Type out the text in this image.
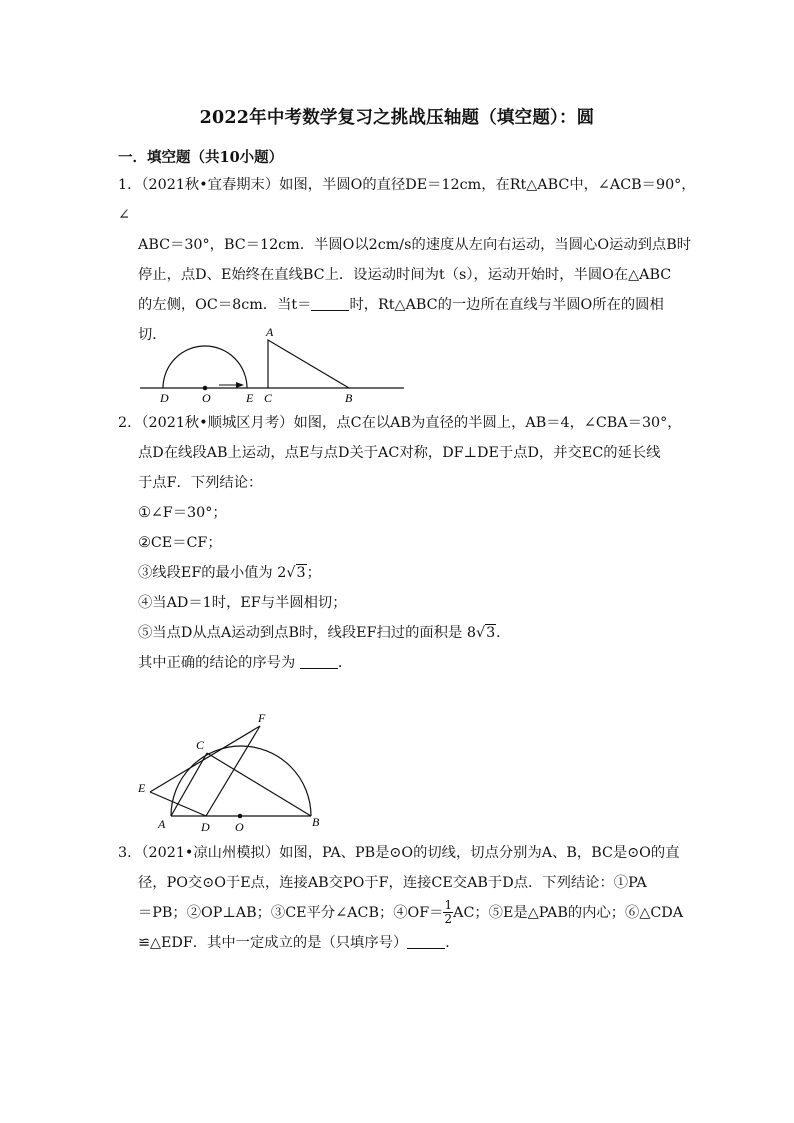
2022年中考数学复习之挑战压轴题（填空题）：圆
一．填空题（共10小题）

1．（2021秋•宜春期末）如图，半圆O的直径DE＝12cm，在Rt△ABC中，∠ACB＝90°，∠

ABC＝30°，BC＝12cm．半圆O以2cm/s的速度从左向右运动，当圆心O运动到点B时

停止，点D、E始终在直线BC上．设运动时间为t（s），运动开始时，半圆O在△ABC

的左侧，OC＝8cm．当t＝	时，Rt△ABC的一边所在直线与半圆O所在的圆相

切．	A
D	O	E C	B

2．（2021秋•顺城区月考）如图，点C在以AB为直径的半圆上，AB＝4，∠CBA＝30°，

点D在线段AB上运动，点E与点D关于AC对称，DF⊥DE于点D，并交EC的延长线

于点F．下列结论：

①∠F＝30°；

②CE＝CF；

③线段EF的最小值为 2√3；

④当AD＝1时，EF与半圆相切；

⑤当点D从点A运动到点B时，线段EF扫过的面积是 8√3．

其中正确的结论的序号为	．

F
C
E
A	D O	B

3．（2021•凉山州模拟）如图，PA、PB是⊙O的切线，切点分别为A、B，BC是⊙O的直

径，PO交⊙O于E点，连接AB交PO于F，连接CE交AB于D点．下列结论：①PA

＝PB；②OP⊥AB；③CE平分∠ACB；④OF＝ $\frac{1}{2}$ AC；⑤E是△PAB的内心；⑥△CDA

≌△EDF．其中一定成立的是（只填序号）	．
